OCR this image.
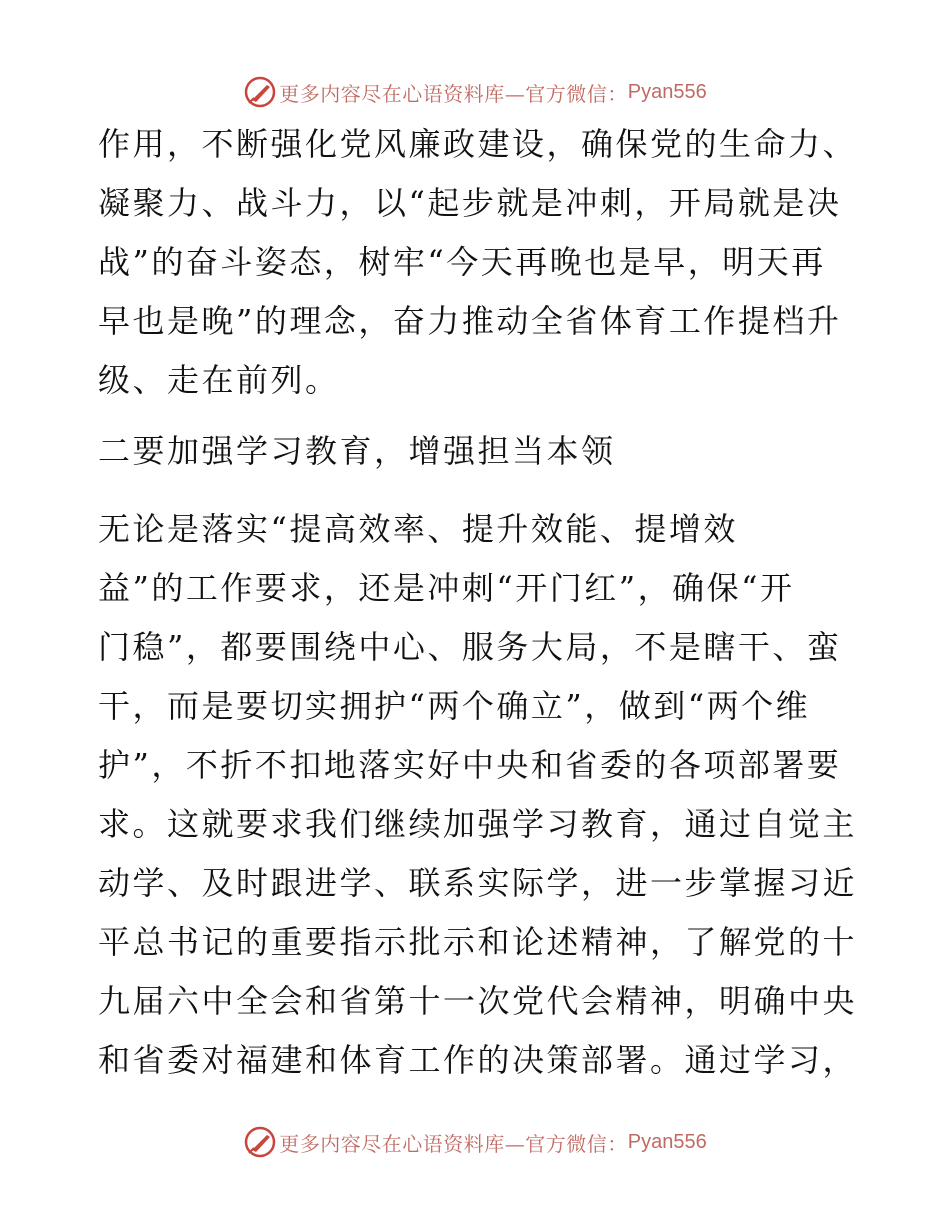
更多内容尽在心语资料库—官方微信： Pyan556
作用，不断强化党风廉政建设，确保党的生命力、
凝聚力、战斗力，以“起步就是冲刺，开局就是决
战”的奋斗姿态，树牢“今天再晚也是早，明天再
早也是晚”的理念，奋力推动全省体育工作提档升
级、走在前列。
二要加强学习教育，增强担当本领
无论是落实“提高效率、提升效能、提增效
益”的工作要求，还是冲刺“开门红”，确保“开
门稳”，都要围绕中心、服务大局，不是瞎干、蛮
干，而是要切实拥护“两个确立”，做到“两个维
护”，不折不扣地落实好中央和省委的各项部署要
求。这就要求我们继续加强学习教育，通过自觉主
动学、及时跟进学、联系实际学，进一步掌握习近
平总书记的重要指示批示和论述精神，了解党的十
九届六中全会和省第十一次党代会精神，明确中央
和省委对福建和体育工作的决策部署。通过学习，
更多内容尽在心语资料库—官方微信： Pyan556
